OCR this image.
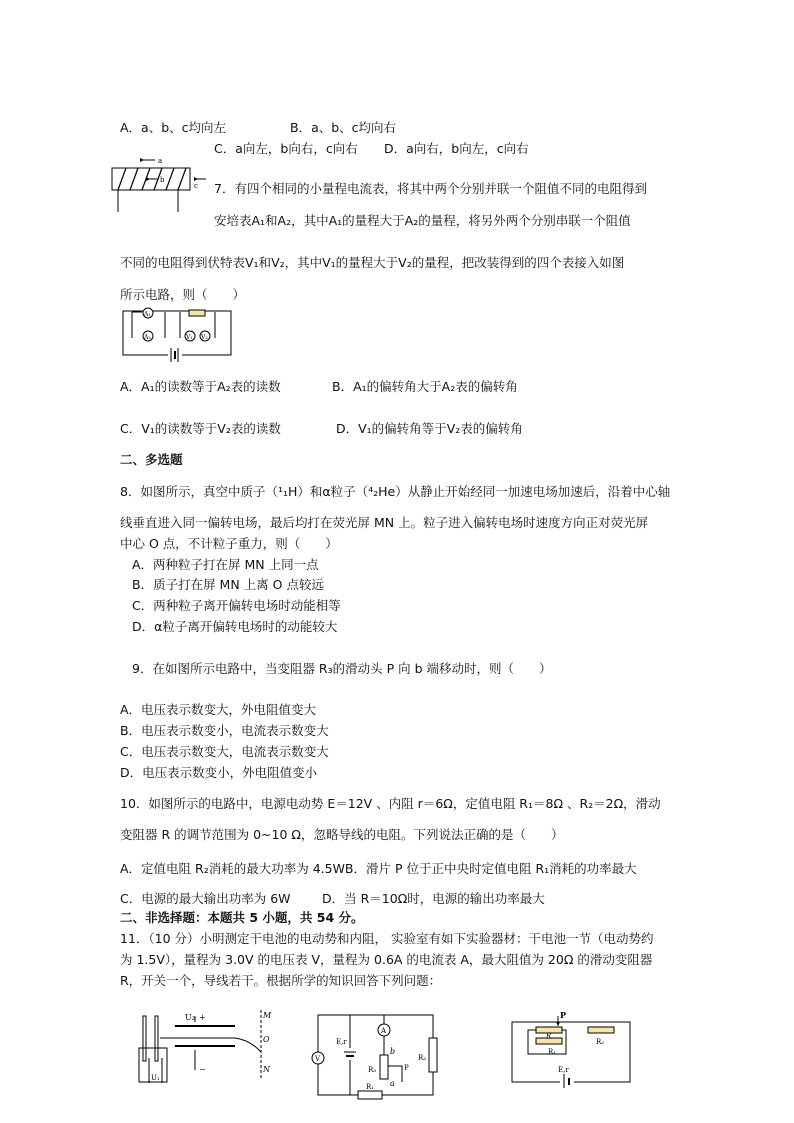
A．a、b、c均向左	B．a、b、c均向右
C．a向左，b向右，c向右 D．a向右，b向左，c向右
a
b
c 7．有四个相同的小量程电流表，将其中两个分别并联一个阻值不同的电阻得到
安培表A₁和A₂，其中A₁的量程大于A₂的量程，将另外两个分别串联一个阻值
不同的电阻得到伏特表V₁和V₂，其中V₁的量程大于V₂的量程，把改装得到的四个表接入如图
所示电路，则（　　）
A₁
A₂	V₁ V₂
A．A₁的读数等于A₂表的读数	B．A₁的偏转角大于A₂表的偏转角
C．V₁的读数等于V₂表的读数	D．V₁的偏转角等于V₂表的偏转角
二、多选题
8．如图所示，真空中质子（¹₁H）和α粒子（⁴₂He）从静止开始经同一加速电场加速后，沿着中心轴
线垂直进入同一偏转电场，最后均打在荧光屏 MN 上。粒子进入偏转电场时速度方向正对荧光屏
中心 O 点，不计粒子重力，则（　　）
A．两种粒子打在屏 MN 上同一点
B．质子打在屏 MN 上离 O 点较远
C．两种粒子离开偏转电场时动能相等
D．α粒子离开偏转电场时的动能较大
9．在如图所示电路中，当变阻器 R₃的滑动头 P 向 b 端移动时，则（　　）
A．电压表示数变大，外电阻值变大
B．电压表示数变小，电流表示数变大
C．电压表示数变大，电流表示数变大
D．电压表示数变小，外电阻值变小
10．如图所示的电路中，电源电动势 E＝12V 、内阻 r＝6Ω，定值电阻 R₁＝8Ω 、R₂＝2Ω，滑动
变阻器 R 的调节范围为 0~10 Ω，忽略导线的电阻。下列说法正确的是（　　）
A．定值电阻 R₂消耗的最大功率为 4.5WB．滑片 P 位于正中央时定值电阻 R₁消耗的功率最大
C．电源的最大输出功率为 6W	D．当 R＝10Ω时，电源的输出功率最大
二、非选择题：本题共 5 小题，共 54 分。
11．（10 分）小明测定干电池的电动势和内阻， 实验室有如下实验器材：干电池一节（电动势约
为 1.5V），量程为 3.0V 的电压表 V，量程为 0.6A 的电流表 A，最大阻值为 20Ω 的滑动变阻器
R，开关一个，导线若干。根据所学的知识回答下列问题：
U₂	M
O
N
U₁
+
−
V
E,r
A
b
R₃	P
a
R₂
R₁
P
R
R₁
R₂
E,r
